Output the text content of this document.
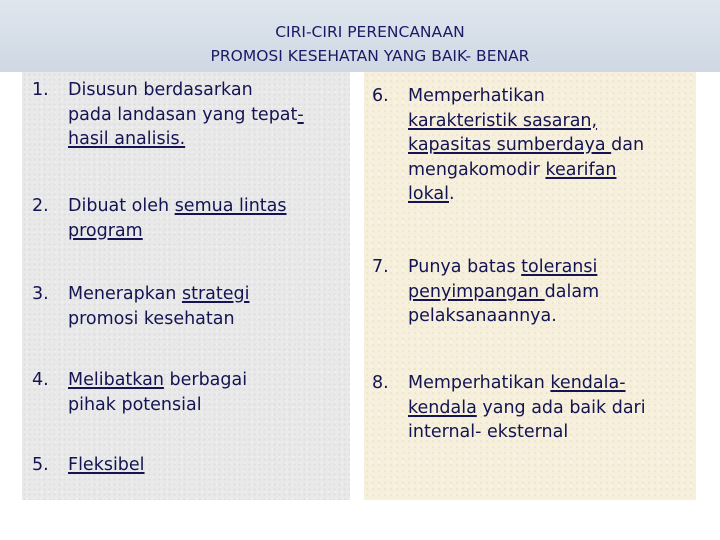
CIRI-CIRI PERENCANAAN
PROMOSI KESEHATAN YANG BAIK- BENAR
1.	Disusun berdasarkan
pada landasan yang tepat-
hasil analisis.
2.	Dibuat oleh semua lintas
program
3.	Menerapkan strategi
promosi kesehatan
4.	Melibatkan berbagai
pihak potensial
5.	Fleksibel
6.	Memperhatikan
karakteristik sasaran,
kapasitas sumberdaya dan
mengakomodir kearifan
lokal.
7.	Punya batas toleransi
penyimpangan dalam
pelaksanaannya.
8.	Memperhatikan kendala-
kendala yang ada baik dari
internal- eksternal
